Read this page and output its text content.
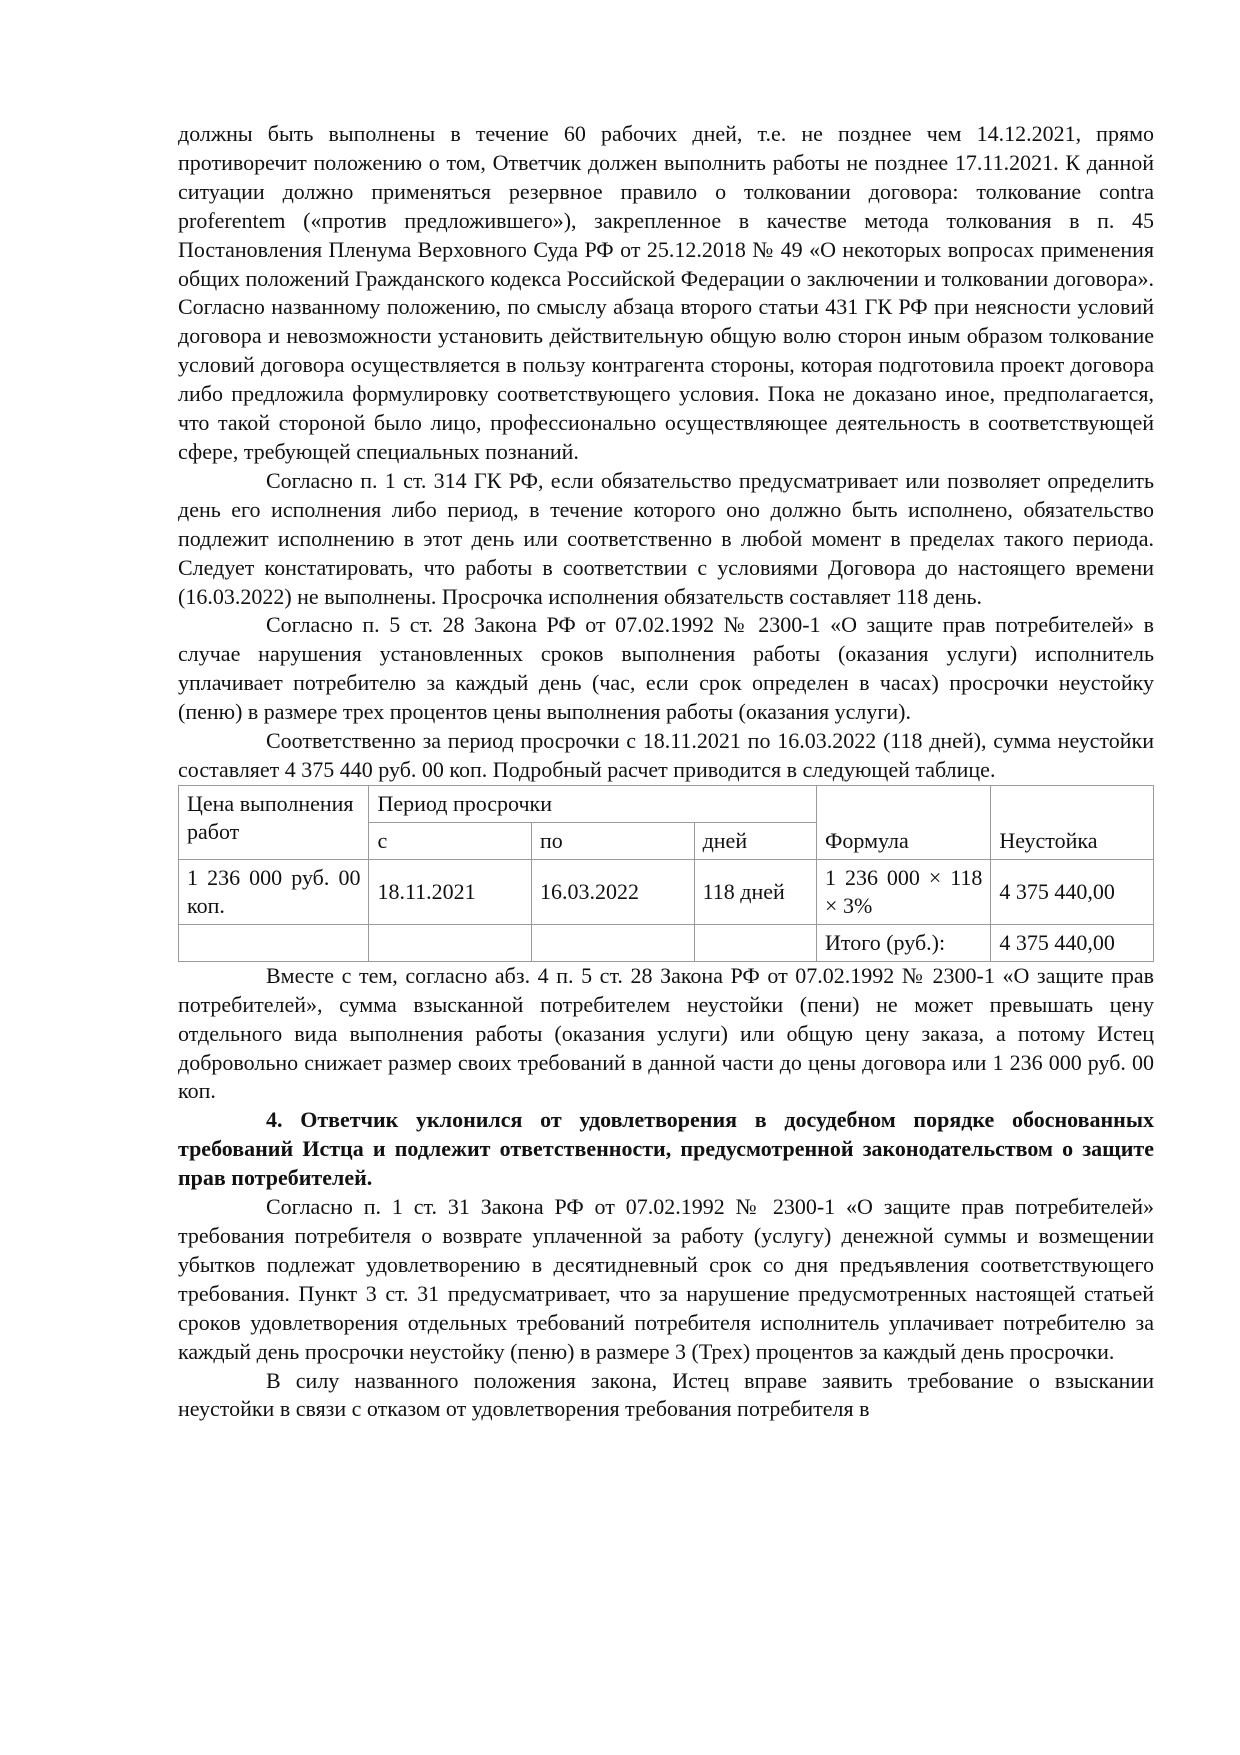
должны быть выполнены в течение 60 рабочих дней, т.е. не позднее чем 14.12.2021, прямо противоречит положению о том, Ответчик должен выполнить работы не позднее 17.11.2021. К данной ситуации должно применяться резервное правило о толковании договора: толкование contra proferentem («против предложившего»), закрепленное в качестве метода толкования в п. 45 Постановления Пленума Верховного Суда РФ от 25.12.2018 № 49 «О некоторых вопросах применения общих положений Гражданского кодекса Российской Федерации о заключении и толковании договора». Согласно названному положению, по смыслу абзаца второго статьи 431 ГК РФ при неясности условий договора и невозможности установить действительную общую волю сторон иным образом толкование условий договора осуществляется в пользу контрагента стороны, которая подготовила проект договора либо предложила формулировку соответствующего условия. Пока не доказано иное, предполагается, что такой стороной было лицо, профессионально осуществляющее деятельность в соответствующей сфере, требующей специальных познаний.

Согласно п. 1 ст. 314 ГК РФ, если обязательство предусматривает или позволяет определить день его исполнения либо период, в течение которого оно должно быть исполнено, обязательство подлежит исполнению в этот день или соответственно в любой момент в пределах такого периода. Следует констатировать, что работы в соответствии с условиями Договора до настоящего времени (16.03.2022) не выполнены. Просрочка исполнения обязательств составляет 118 день.

Согласно п. 5 ст. 28 Закона РФ от 07.02.1992 № 2300-1 «О защите прав потребителей» в случае нарушения установленных сроков выполнения работы (оказания услуги) исполнитель уплачивает потребителю за каждый день (час, если срок определен в часах) просрочки неустойку (пеню) в размере трех процентов цены выполнения работы (оказания услуги).

Соответственно за период просрочки с 18.11.2021 по 16.03.2022 (118 дней), сумма неустойки составляет 4 375 440 руб. 00 коп. Подробный расчет приводится в следующей таблице.

Цена выполнения работ	Период просрочки			Формула	Неустойка
	с	по	дней		
1 236 000 руб. 00 коп.	18.11.2021	16.03.2022	118 дней	1 236 000 × 118 × 3%	4 375 440,00
				Итого (руб.):	4 375 440,00

Вместе с тем, согласно абз. 4 п. 5 ст. 28 Закона РФ от 07.02.1992 № 2300-1 «О защите прав потребителей», сумма взысканной потребителем неустойки (пени) не может превышать цену отдельного вида выполнения работы (оказания услуги) или общую цену заказа, а потому Истец добровольно снижает размер своих требований в данной части до цены договора или 1 236 000 руб. 00 коп.

4. Ответчик уклонился от удовлетворения в досудебном порядке обоснованных требований Истца и подлежит ответственности, предусмотренной законодательством о защите прав потребителей.

Согласно п. 1 ст. 31 Закона РФ от 07.02.1992 № 2300-1 «О защите прав потребителей» требования потребителя о возврате уплаченной за работу (услугу) денежной суммы и возмещении убытков подлежат удовлетворению в десятидневный срок со дня предъявления соответствующего требования. Пункт 3 ст. 31 предусматривает, что за нарушение предусмотренных настоящей статьей сроков удовлетворения отдельных требований потребителя исполнитель уплачивает потребителю за каждый день просрочки неустойку (пеню) в размере 3 (Трех) процентов за каждый день просрочки.

В силу названного положения закона, Истец вправе заявить требование о взыскании неустойки в связи с отказом от удовлетворения требования потребителя в
